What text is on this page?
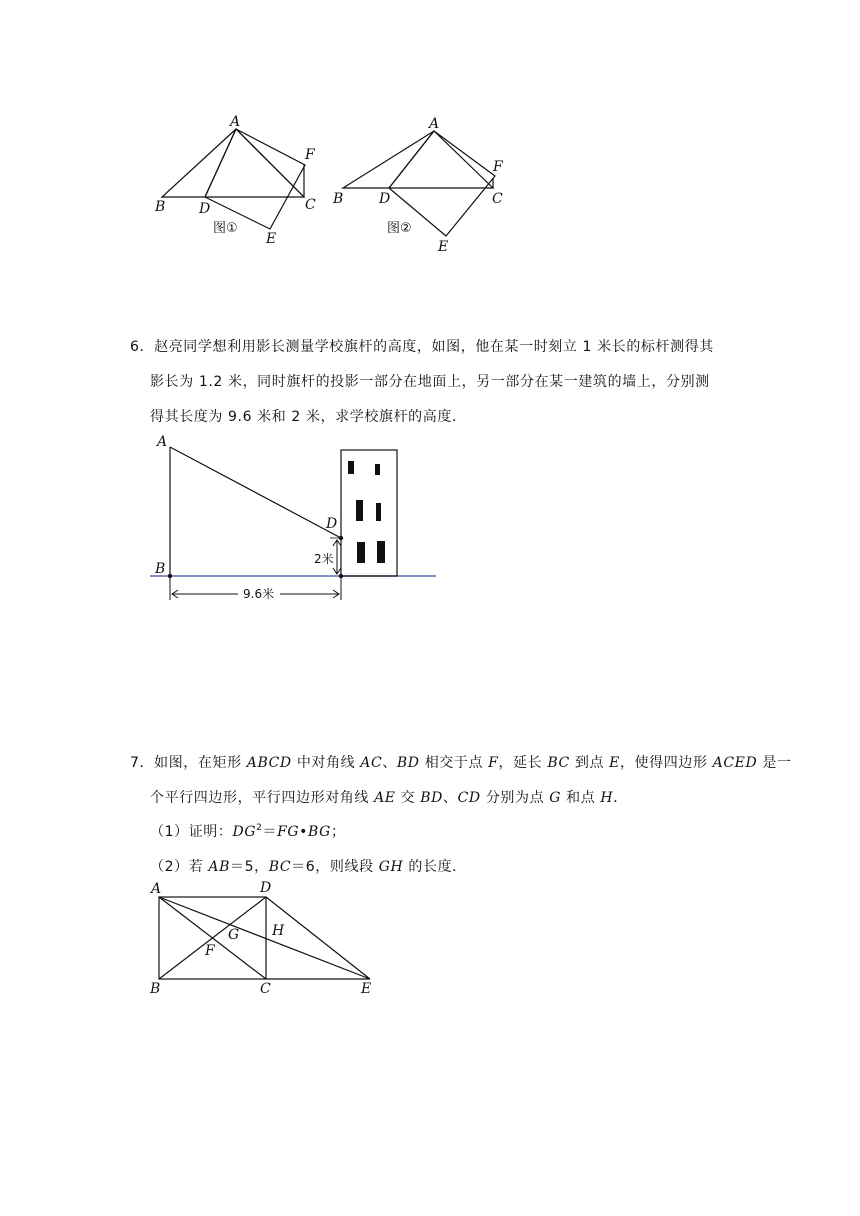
A
B D	C
F
E
图①
A
B	D	C
F
E
图②
A
B
D
2米
9.6米
A	D
B	C	E
F
G H
6．赵亮同学想利用影长测量学校旗杆的高度，如图，他在某一时刻立 1 米长的标杆测得其
影长为 1.2 米，同时旗杆的投影一部分在地面上，另一部分在某一建筑的墙上，分别测
得其长度为 9.6 米和 2 米，求学校旗杆的高度．
7．如图，在矩形 ABCD 中对角线 AC、BD 相交于点 F，延长 BC 到点 E，使得四边形 ACED 是一
个平行四边形，平行四边形对角线 AE 交 BD、CD 分别为点 G 和点 H．
（1）证明：$DG^2=FG•BG$；
（2）若 AB＝5，BC＝6，则线段 GH 的长度．
